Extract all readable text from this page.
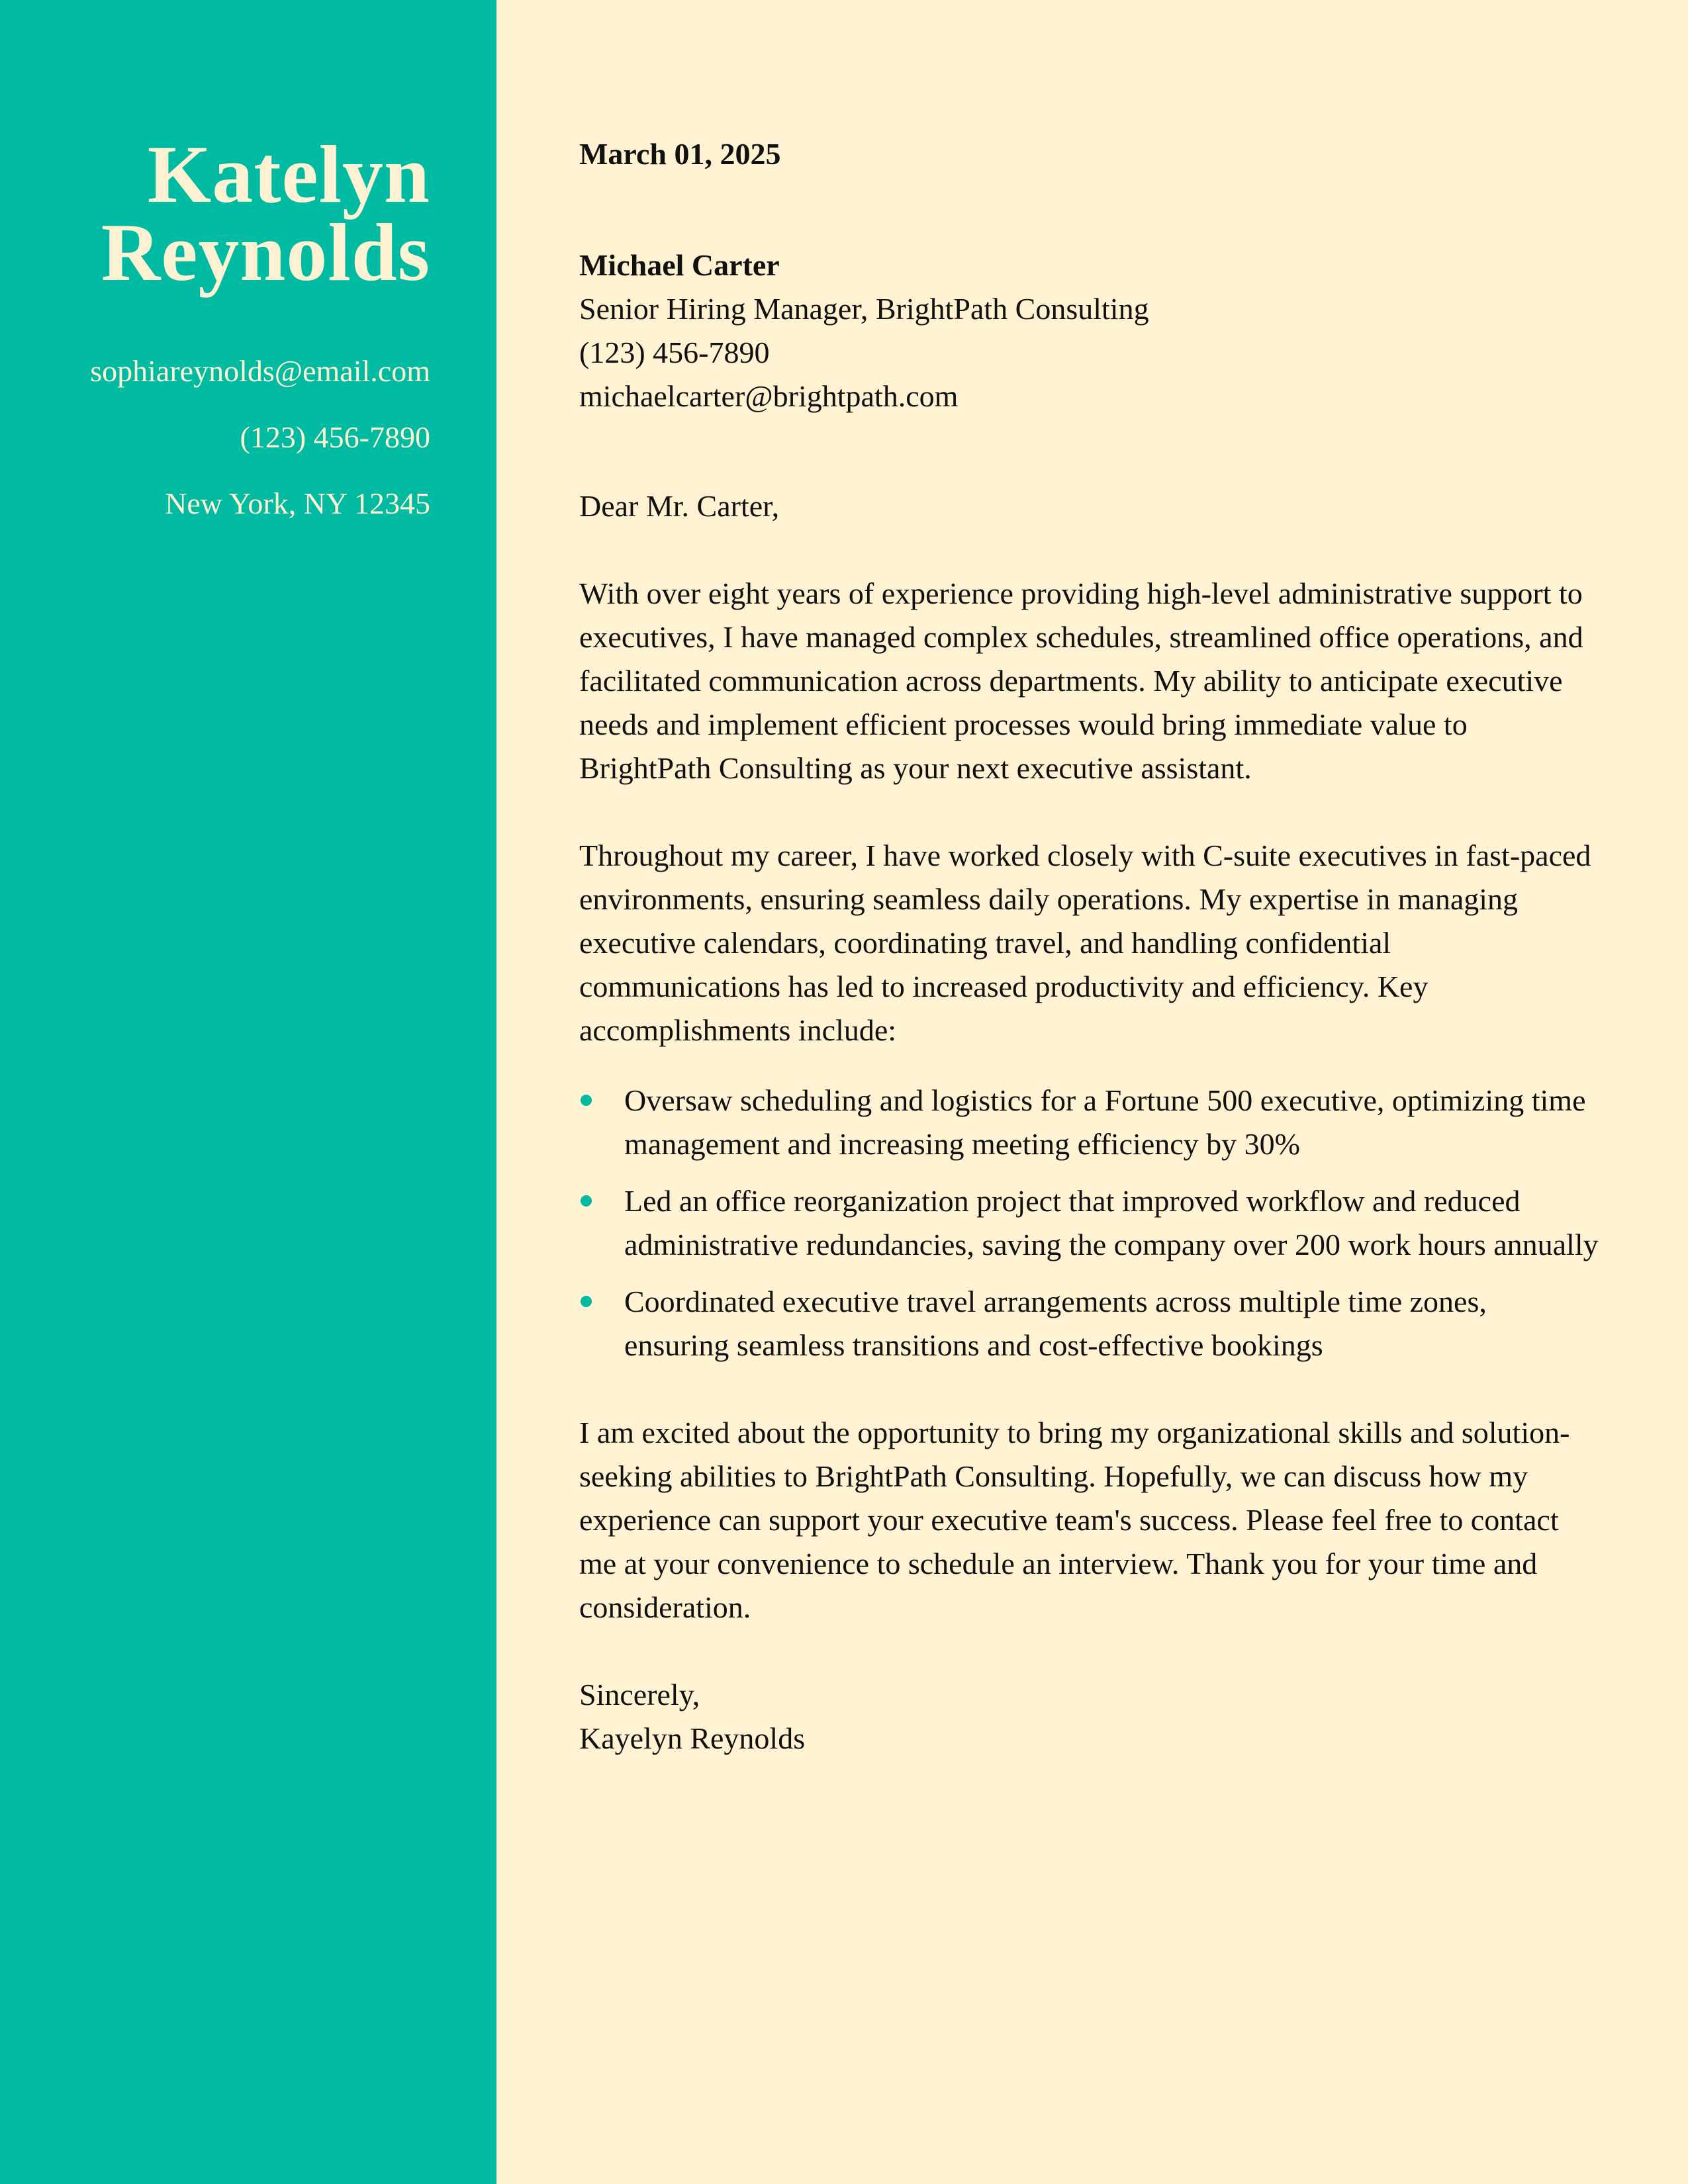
Katelyn
Reynolds
sophiareynolds@email.com
(123) 456-7890
New York, NY 12345
March 01, 2025
Michael Carter
Senior Hiring Manager, BrightPath Consulting
(123) 456-7890
michaelcarter@brightpath.com
Dear Mr. Carter,

With over eight years of experience providing high-level administrative support to executives, I have managed complex schedules, streamlined office operations, and facilitated communication across departments. My ability to anticipate executive needs and implement efficient processes would bring immediate value to BrightPath Consulting as your next executive assistant.

Throughout my career, I have worked closely with C-suite executives in fast-paced environments, ensuring seamless daily operations. My expertise in managing executive calendars, coordinating travel, and handling confidential communications has led to increased productivity and efficiency. Key accomplishments include:

Oversaw scheduling and logistics for a Fortune 500 executive, optimizing time management and increasing meeting efficiency by 30%
Led an office reorganization project that improved workflow and reduced administrative redundancies, saving the company over 200 work hours annually
Coordinated executive travel arrangements across multiple time zones, ensuring seamless transitions and cost-effective bookings

I am excited about the opportunity to bring my organizational skills and solution-seeking abilities to BrightPath Consulting. Hopefully, we can discuss how my experience can support your executive team's success. Please feel free to contact me at your convenience to schedule an interview. Thank you for your time and consideration.

Sincerely,
Kayelyn Reynolds
